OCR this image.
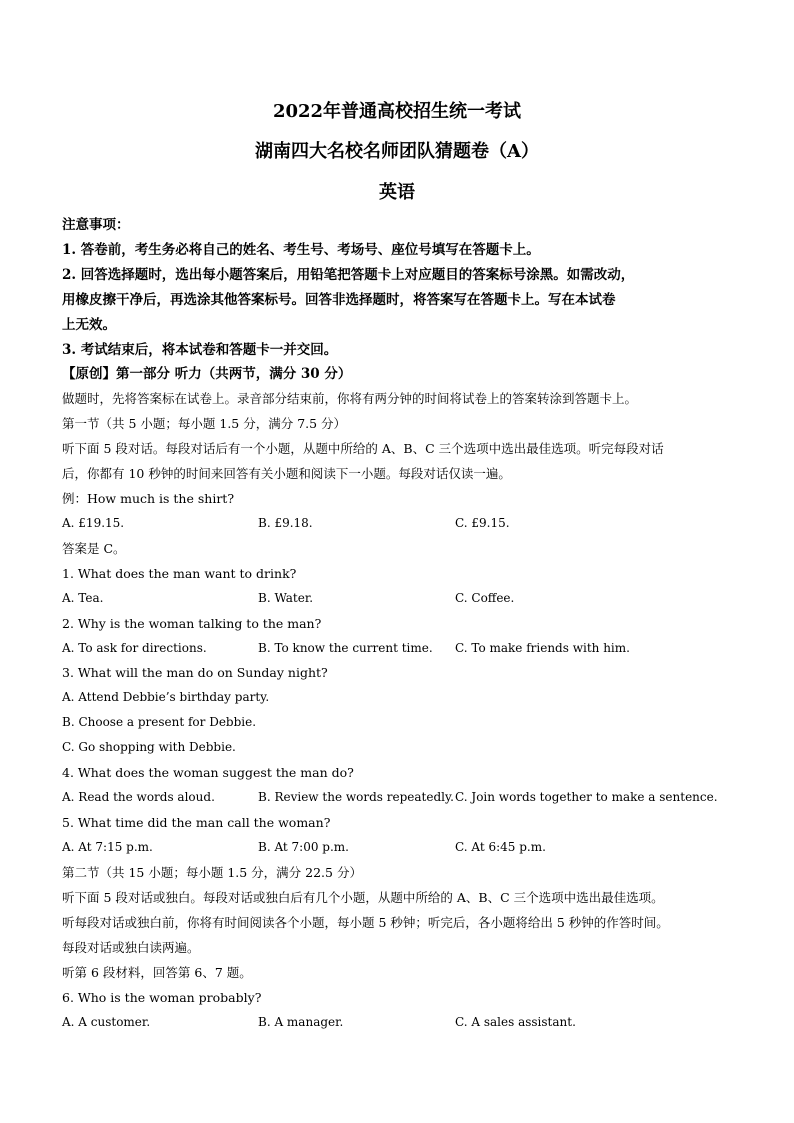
2022年普通高校招生统一考试
湖南四大名校名师团队猜题卷（A）
英语
注意事项：
1. 答卷前，考生务必将自己的姓名、考生号、考场号、座位号填写在答题卡上。
2. 回答选择题时，选出每小题答案后，用铅笔把答题卡上对应题目的答案标号涂黑。如需改动，
用橡皮擦干净后，再选涂其他答案标号。回答非选择题时，将答案写在答题卡上。写在本试卷
上无效。
3. 考试结束后，将本试卷和答题卡一并交回。
【原创】第一部分 听力（共两节，满分 30 分）
做题时，先将答案标在试卷上。录音部分结束前，你将有两分钟的时间将试卷上的答案转涂到答题卡上。
第一节（共 5 小题；每小题 1.5 分，满分 7.5 分）
听下面 5 段对话。每段对话后有一个小题，从题中所给的 A、B、C 三个选项中选出最佳选项。听完每段对话
后，你都有 10 秒钟的时间来回答有关小题和阅读下一小题。每段对话仅读一遍。
例：How much is the shirt?
A. £19.15.	B. £9.18.	C. £9.15.
答案是 C。
1. What does the man want to drink?
A. Tea.	B. Water.	C. Coffee.
2. Why is the woman talking to the man?
A. To ask for directions.	B. To know the current time. C. To make friends with him.
3. What will the man do on Sunday night?
A. Attend Debbie’s birthday party.
B. Choose a present for Debbie.
C. Go shopping with Debbie.
4. What does the woman suggest the man do?
A. Read the words aloud.	B. Review the words repeatedly. C. Join words together to make a sentence.
5. What time did the man call the woman?
A. At 7:15 p.m.	B. At 7:00 p.m.	C. At 6:45 p.m.
第二节（共 15 小题；每小题 1.5 分，满分 22.5 分）
听下面 5 段对话或独白。每段对话或独白后有几个小题，从题中所给的 A、B、C 三个选项中选出最佳选项。
听每段对话或独白前，你将有时间阅读各个小题，每小题 5 秒钟；听完后，各小题将给出 5 秒钟的作答时间。
每段对话或独白读两遍。
听第 6 段材料，回答第 6、7 题。
6. Who is the woman probably?
A. A customer.	B. A manager.	C. A sales assistant.
